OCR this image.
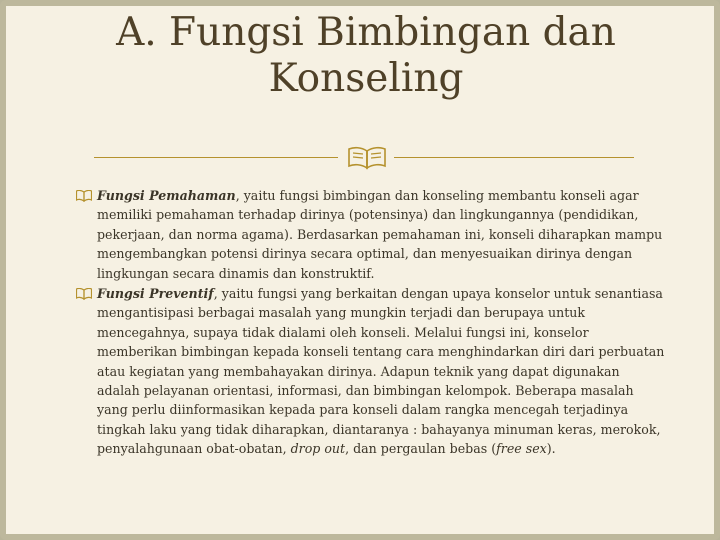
A. Fungsi Bimbingan dan Konseling
Fungsi Pemahaman, yaitu fungsi bimbingan dan konseling membantu konseli agar memiliki pemahaman terhadap dirinya (potensinya) dan lingkungannya (pendidikan, pekerjaan, dan norma agama). Berdasarkan pemahaman ini, konseli diharapkan mampu mengembangkan potensi dirinya secara optimal, dan menyesuaikan dirinya dengan lingkungan secara dinamis dan konstruktif.
Fungsi Preventif, yaitu fungsi yang berkaitan dengan upaya konselor untuk senantiasa mengantisipasi berbagai masalah yang mungkin terjadi dan berupaya untuk mencegahnya, supaya tidak dialami oleh konseli. Melalui fungsi ini, konselor memberikan bimbingan kepada konseli tentang cara menghindarkan diri dari perbuatan atau kegiatan yang membahayakan dirinya. Adapun teknik yang dapat digunakan adalah pelayanan orientasi, informasi, dan bimbingan kelompok. Beberapa masalah yang perlu diinformasikan kepada para konseli dalam rangka mencegah terjadinya tingkah laku yang tidak diharapkan, diantaranya : bahayanya minuman keras, merokok, penyalahgunaan obat-obatan, drop out, dan pergaulan bebas (free sex).
